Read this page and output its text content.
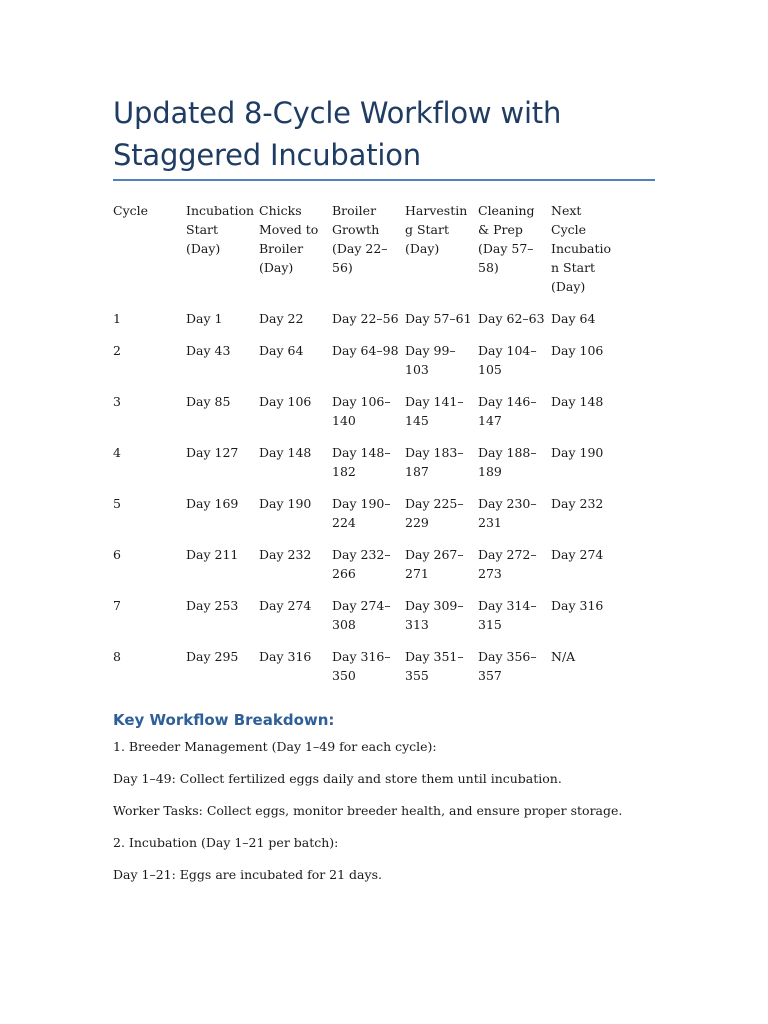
Updated 8-Cycle Workflow with Staggered Incubation
Cycle	Incubation Start (Day)	Chicks Moved to Broiler (Day)	Broiler Growth (Day 22–56)	Harvesting Start (Day)	Cleaning & Prep (Day 57–58)	Next Cycle Incubation Start (Day)
1	Day 1	Day 22	Day 22–56	Day 57–61	Day 62–63	Day 64
2	Day 43	Day 64	Day 64–98	Day 99–103	Day 104–105	Day 106
3	Day 85	Day 106	Day 106–140	Day 141–145	Day 146–147	Day 148
4	Day 127	Day 148	Day 148–182	Day 183–187	Day 188–189	Day 190
5	Day 169	Day 190	Day 190–224	Day 225–229	Day 230–231	Day 232
6	Day 211	Day 232	Day 232–266	Day 267–271	Day 272–273	Day 274
7	Day 253	Day 274	Day 274–308	Day 309–313	Day 314–315	Day 316
8	Day 295	Day 316	Day 316–350	Day 351–355	Day 356–357	N/A
Key Workflow Breakdown:

1. Breeder Management (Day 1–49 for each cycle):

Day 1–49: Collect fertilized eggs daily and store them until incubation.

Worker Tasks: Collect eggs, monitor breeder health, and ensure proper storage.

2. Incubation (Day 1–21 per batch):

Day 1–21: Eggs are incubated for 21 days.
